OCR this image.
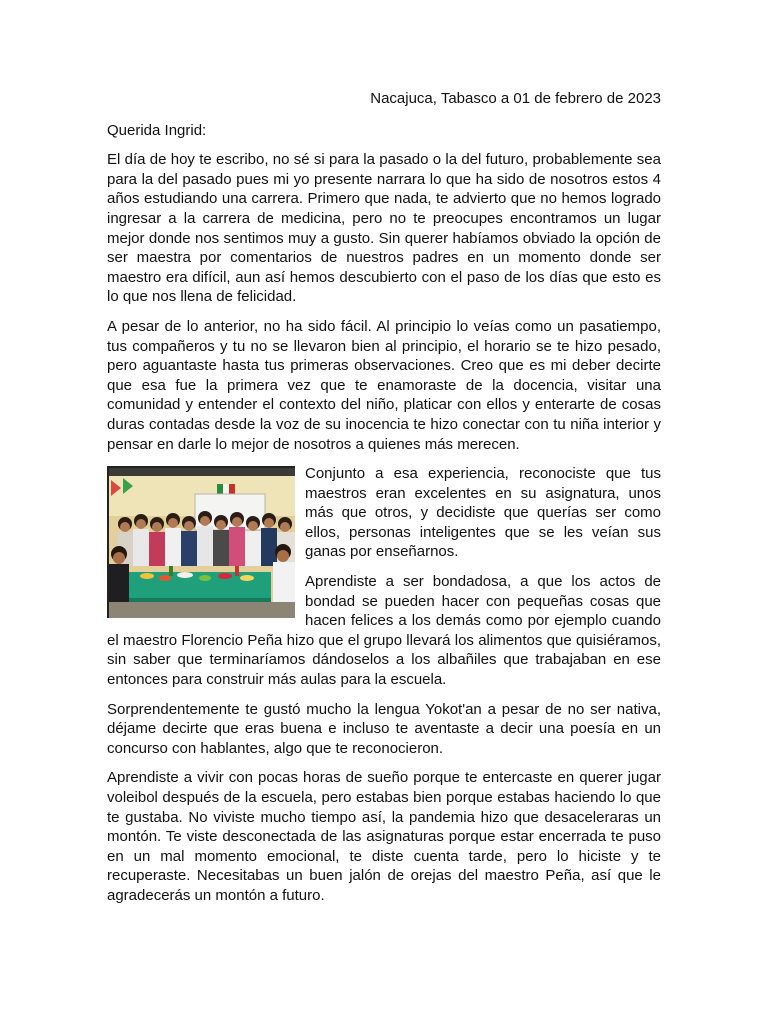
Nacajuca, Tabasco a 01 de febrero de 2023

Querida Ingrid:

El día de hoy te escribo, no sé si para la pasado o la del futuro, probablemente sea para la del pasado pues mi yo presente narrara lo que ha sido de nosotros estos 4 años estudiando una carrera. Primero que nada, te advierto que no hemos logrado ingresar a la carrera de medicina, pero no te preocupes encontramos un lugar mejor donde nos sentimos muy a gusto. Sin querer habíamos obviado la opción de ser maestra por comentarios de nuestros padres en un momento donde ser maestro era difícil, aun así hemos descubierto con el paso de los días que esto es lo que nos llena de felicidad.

A pesar de lo anterior, no ha sido fácil. Al principio lo veías como un pasatiempo, tus compañeros y tu no se llevaron bien al principio, el horario se te hizo pesado, pero aguantaste hasta tus primeras observaciones. Creo que es mi deber decirte que esa fue la primera vez que te enamoraste de la docencia, visitar una comunidad y entender el contexto del niño, platicar con ellos y enterarte de cosas duras contadas desde la voz de su inocencia te hizo conectar con tu niña interior y pensar en darle lo mejor de nosotros a quienes más merecen.

Conjunto a esa experiencia, reconociste que tus maestros eran excelentes en su asignatura, unos más que otros, y decidiste que querías ser como ellos, personas inteligentes que se les veían sus ganas por enseñarnos.

Aprendiste a ser bondadosa, a que los actos de bondad se pueden hacer con pequeñas cosas que hacen felices a los demás como por ejemplo cuando el maestro Florencio Peña hizo que el grupo llevará los alimentos que quisiéramos, sin saber que terminaríamos dándoselos a los albañiles que trabajaban en ese entonces para construir más aulas para la escuela.

Sorprendentemente te gustó mucho la lengua Yokot'an a pesar de no ser nativa, déjame decirte que eras buena e incluso te aventaste a decir una poesía en un concurso con hablantes, algo que te reconocieron.

Aprendiste a vivir con pocas horas de sueño porque te entercaste en querer jugar voleibol después de la escuela, pero estabas bien porque estabas haciendo lo que te gustaba. No viviste mucho tiempo así, la pandemia hizo que desaceleraras un montón. Te viste desconectada de las asignaturas porque estar encerrada te puso en un mal momento emocional, te diste cuenta tarde, pero lo hiciste y te recuperaste. Necesitabas un buen jalón de orejas del maestro Peña, así que le agradecerás un montón a futuro.
